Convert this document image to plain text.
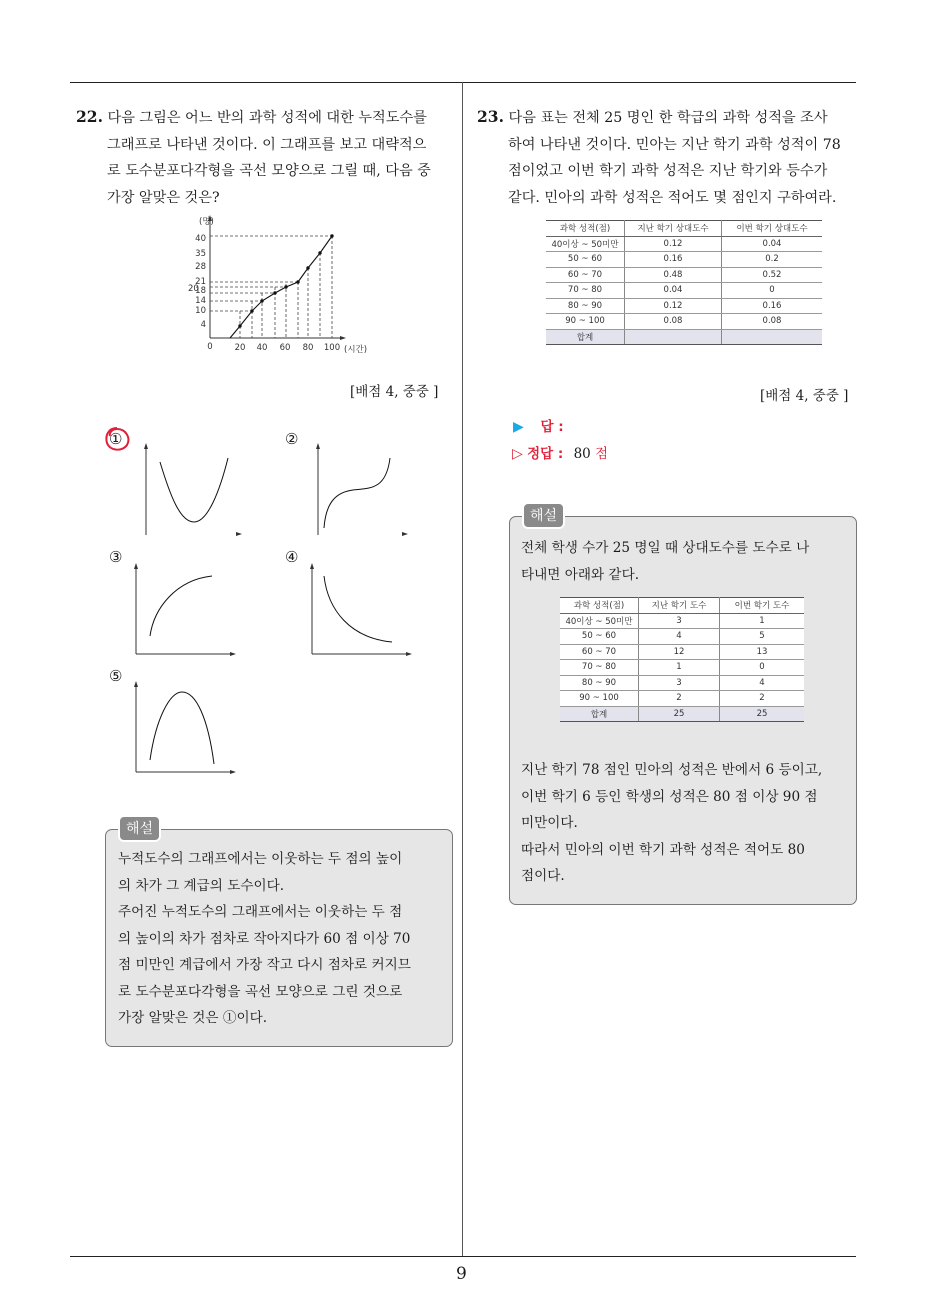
22. 다음 그림은 어느 반의 과학 성적에 대한 누적도수를
그래프로 나타낸 것이다. 이 그래프를 보고 대략적으
로 도수분포다각형을 곡선 모양으로 그릴 때, 다음 중
가장 알맞은 것은?
(명)
40
35
28
21
18
14
10
4
20
0	20 40 60 80 100 (시간)
[배점 4, 중중 ]
①	②
③	④
⑤
해설
누적도수의 그래프에서는 이웃하는 두 점의 높이
의 차가 그 계급의 도수이다.
주어진 누적도수의 그래프에서는 이웃하는 두 점
의 높이의 차가 점차로 작아지다가 60 점 이상 70
점 미만인 계급에서 가장 작고 다시 점차로 커지므
로 도수분포다각형을 곡선 모양으로 그린 것으로
가장 알맞은 것은 ①이다.
23. 다음 표는 전체 25 명인 한 학급의 과학 성적을 조사
하여 나타낸 것이다. 민아는 지난 학기 과학 성적이 78
점이었고 이번 학기 과학 성적은 지난 학기와 등수가
같다. 민아의 과학 성적은 적어도 몇 점인지 구하여라.
과학 성적(점)	지난 학기 상대도수	이번 학기 상대도수
40이상 ~ 50미만	0.12	0.04
50 ~ 60	0.16	0.2
60 ~ 70	0.48	0.52
70 ~ 80	0.04	0
80 ~ 90	0.12	0.16
90 ~ 100	0.08	0.08
합계		
[배점 4, 중중 ]
▶ 답 :
▷ 정답 : 80 점
해설
전체 학생 수가 25 명일 때 상대도수를 도수로 나
타내면 아래와 같다.
과학 성적(점)	지난 학기 도수	이번 학기 도수
40이상 ~ 50미만	3	1
50 ~ 60	4	5
60 ~ 70	12	13
70 ~ 80	1	0
80 ~ 90	3	4
90 ~ 100	2	2
합계	25	25
지난 학기 78 점인 민아의 성적은 반에서 6 등이고,
이번 학기 6 등인 학생의 성적은 80 점 이상 90 점
미만이다.
따라서 민아의 이번 학기 과학 성적은 적어도 80
점이다.
9
